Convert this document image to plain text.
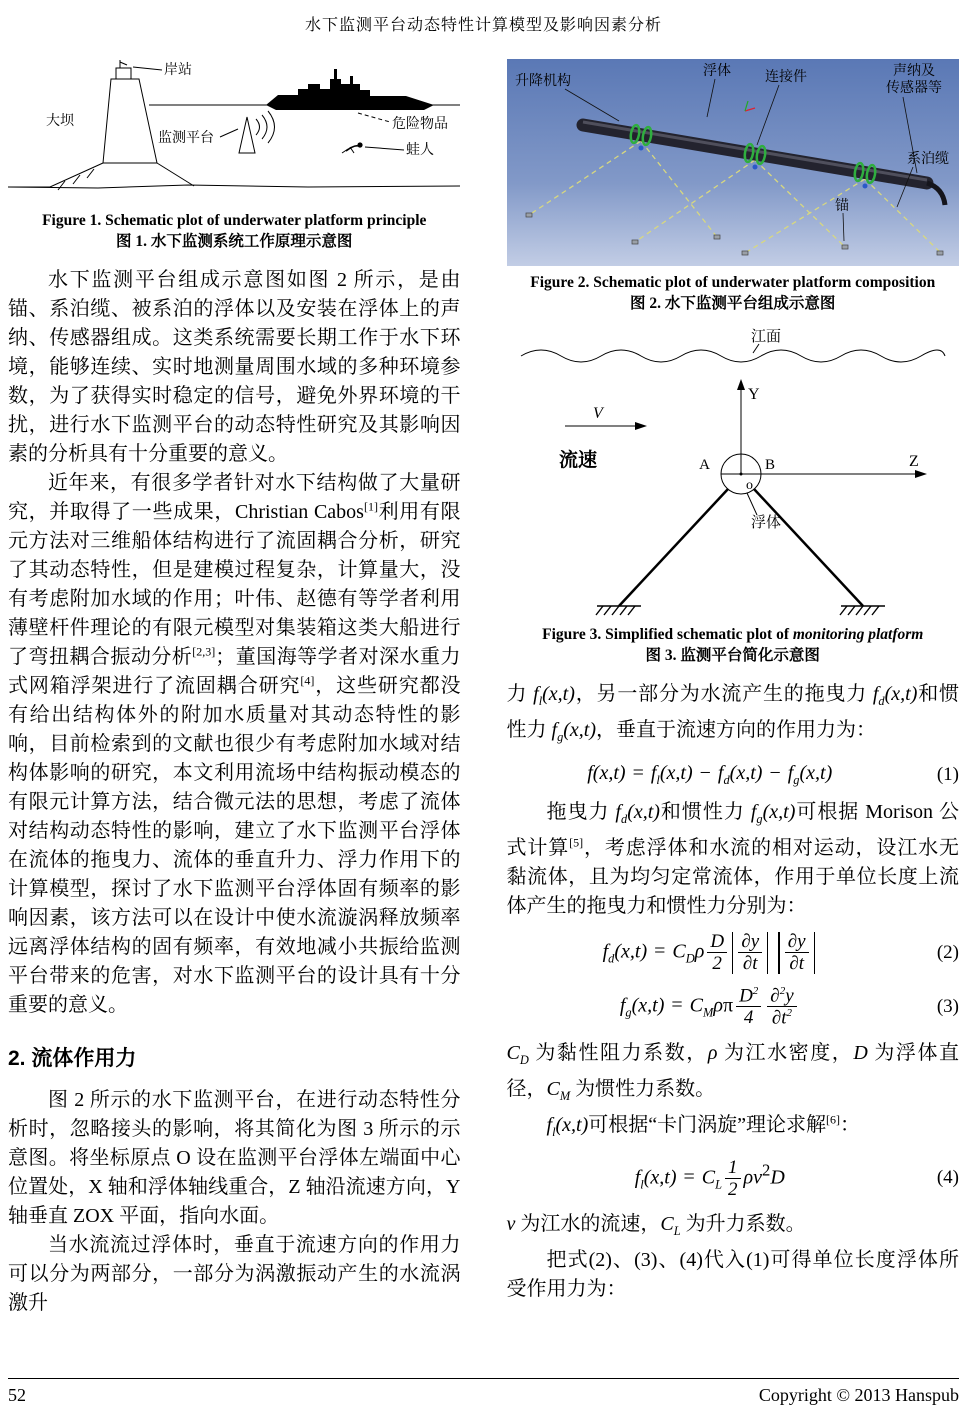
水下监测平台动态特性计算模型及影响因素分析
大坝
岸站
监测平台
危险物品
蛙人
Figure 1. Schematic plot of underwater platform principle
图 1. 水下监测系统工作原理示意图

水下监测平台组成示意图如图 2 所示，是由锚、系泊缆、被系泊的浮体以及安装在浮体上的声纳、传感器组成。这类系统需要长期工作于水下环境，能够连续、实时地测量周围水域的多种环境参数，为了获得实时稳定的信号，避免外界环境的干扰，进行水下监测平台的动态特性研究及其影响因素的分析具有十分重要的意义。

近年来，有很多学者针对水下结构做了大量研究，并取得了一些成果，Christian Cabos[1]利用有限元方法对三维船体结构进行了流固耦合分析，研究了其动态特性，但是建模过程复杂，计算量大，没有考虑附加水域的作用；叶伟、赵德有等学者利用薄壁杆件理论的有限元模型对集装箱这类大船进行了弯扭耦合振动分析[2,3]；董国海等学者对深水重力式网箱浮架进行了流固耦合研究[4]，这些研究都没有给出结构体外的附加水质量对其动态特性的影响，目前检索到的文献也很少有考虑附加水域对结构体影响的研究，本文利用流场中结构振动模态的有限元计算方法，结合微元法的思想，考虑了流体对结构动态特性的影响，建立了水下监测平台浮体在流体的拖曳力、流体的垂直升力、浮力作用下的计算模型，探讨了水下监测平台浮体固有频率的影响因素，该方法可以在设计中使水流漩涡释放频率远离浮体结构的固有频率，有效地减小共振给监测平台带来的危害，对水下监测平台的设计具有十分重要的意义。

2. 流体作用力

图 2 所示的水下监测平台，在进行动态特性分析时，忽略接头的影响，将其简化为图 3 所示的示意图。将坐标原点 O 设在监测平台浮体左端面中心位置处，X 轴和浮体轴线重合，Z 轴沿流速方向，Y 轴垂直 ZOX 平面，指向水面。

当水流流过浮体时，垂直于流速方向的作用力可以分为两部分，一部分为涡激振动产生的水流涡激升

升降机构
浮体 连接件	声纳及
传感器等
系泊缆
锚
Figure 2. Schematic plot of underwater platform composition
图 2. 水下监测平台组成示意图
江面
V
流速
Y
Z
A	B
o
浮体
Figure 3. Simplified schematic plot of monitoring platform
图 3. 监测平台简化示意图

力 $f_l(x,t)$，另一部分为水流产生的拖曳力 $f_d(x,t)$和惯性力 $f_g(x,t)$，垂直于流速方向的作用力为：

$f(x,t) = f_l(x,t) - f_d(x,t) - f_g(x,t)$	(1)

拖曳力 $f_d(x,t)$和惯性力 $f_g(x,t)$可根据 Morison 公式计算[5]，考虑浮体和水流的相对运动，设江水无黏流体，且为均匀定常流体，作用于单位长度上流体产生的拖曳力和惯性力分别为：

$f_d(x,t) = C_D\rho \frac{D}{2} \frac{\partial y}{\partial t} \frac{\partial y}{\partial t}$	(2)
$f_g(x,t) = C_M\rho\pi \frac{D^2}{4} \frac{\partial^2y}{\partial t^2}$	(3)

$C_D$ 为黏性阻力系数，ρ 为江水密度，D 为浮体直径，$C_M$ 为惯性力系数。

$f_l(x,t)$可根据“卡门涡旋”理论求解[6]：

$f_l(x,t) = C_L \frac{1}{2} \rho v^2D$	(4)

v 为江水的流速，$C_L$ 为升力系数。

把式(2)、(3)、(4)代入(1)可得单位长度浮体所受作用力为：

52	Copyright © 2013 Hanspub
